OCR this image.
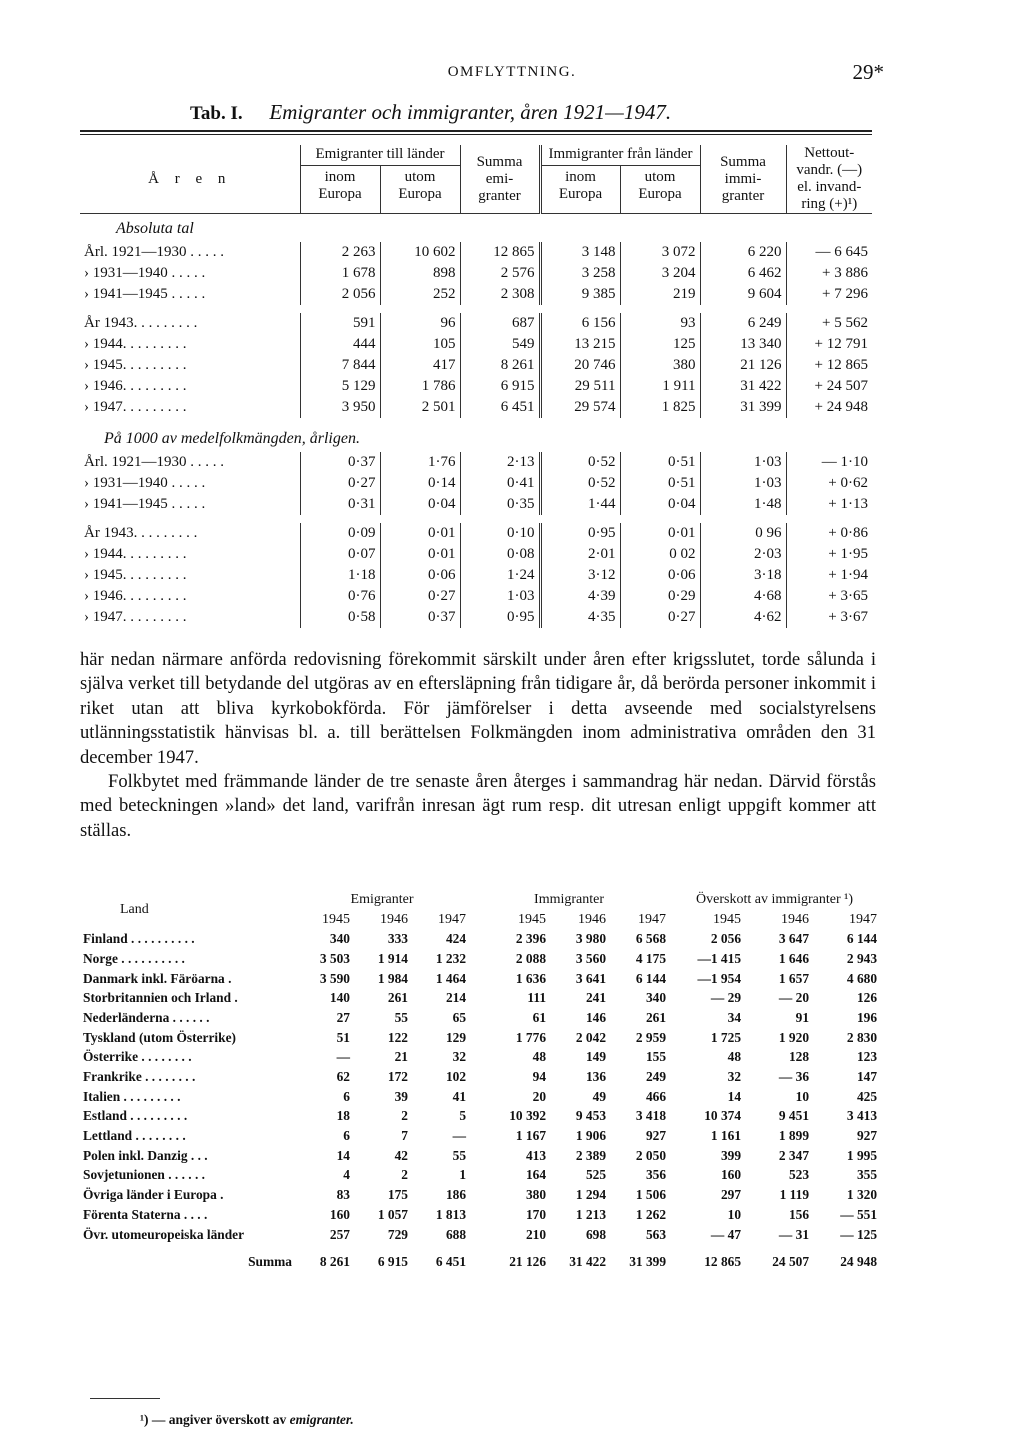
OMFLYTTNING.	29*
Tab. I. Emigranter och immigranter, åren 1921—1947.
Å r e n	Emigranter till länder		Summa emi- granter	Immigranter från länder		Summa immi- granter	Nettout- vandr. (—) el. invand- ring (+)¹)
	inom Europa	utom Europa		inom Europa	utom Europa		

Absoluta tal							
Årl. 1921—1930 . . . . .	2 263	10 602	12 865	3 148	3 072	6 220	— 6 645
› 1931—1940 . . . . .	1 678	898	2 576	3 258	3 204	6 462	+ 3 886
› 1941—1945 . . . . .	2 056	252	2 308	9 385	219	9 604	+ 7 296

År 1943. . . . . . . . .	591	96	687	6 156	93	6 249	+ 5 562
› 1944. . . . . . . . .	444	105	549	13 215	125	13 340	+ 12 791
› 1945. . . . . . . . .	7 844	417	8 261	20 746	380	21 126	+ 12 865
› 1946. . . . . . . . .	5 129	1 786	6 915	29 511	1 911	31 422	+ 24 507
› 1947. . . . . . . . .	3 950	2 501	6 451	29 574	1 825	31 399	+ 24 948

På 1000 av medelfolkmängden, årligen.							
Årl. 1921—1930 . . . . .	0·37	1·76	2·13	0·52	0·51	1·03	— 1·10
› 1931—1940 . . . . .	0·27	0·14	0·41	0·52	0·51	1·03	+ 0·62
› 1941—1945 . . . . .	0·31	0·04	0·35	1·44	0·04	1·48	+ 1·13

År 1943. . . . . . . . .	0·09	0·01	0·10	0·95	0·01	0 96	+ 0·86
› 1944. . . . . . . . .	0·07	0·01	0·08	2·01	0 02	2·03	+ 1·95
› 1945. . . . . . . . .	1·18	0·06	1·24	3·12	0·06	3·18	+ 1·94
› 1946. . . . . . . . .	0·76	0·27	1·03	4·39	0·29	4·68	+ 3·65
› 1947. . . . . . . . .	0·58	0·37	0·95	4·35	0·27	4·62	+ 3·67

här nedan närmare anförda redovisning förekommit särskilt under åren efter krigsslutet, torde sålunda i själva verket till betydande del utgöras av en eftersläpning från tidigare år, då berörda personer inkommit i riket utan att bliva kyrkobokförda. För jämförelser i detta avseende med socialstyrelsens utlänningsstatistik hänvisas bl. a. till berättelsen Folkmängden inom administrativa områden den 31 december 1947.

Folkbytet med främmande länder de tre senaste åren återges i sammandrag här nedan. Därvid förstås med beteckningen »land» det land, varifrån inresan ägt rum resp. dit utresan enligt uppgift kommer att ställas.

Land	Emigranter			Immigranter			Överskott av immigranter ¹)		
	1945	1946	1947	1945	1946	1947	1945	1946	1947
Finland . . . . . . . . . .	340	333	424	2 396	3 980	6 568	2 056	3 647	6 144
Norge . . . . . . . . . .	3 503	1 914	1 232	2 088	3 560	4 175	—1 415	1 646	2 943
Danmark inkl. Färöarna .	3 590	1 984	1 464	1 636	3 641	6 144	—1 954	1 657	4 680
Storbritannien och Irland .	140	261	214	111	241	340	— 29	— 20	126
Nederländerna . . . . . .	27	55	65	61	146	261	34	91	196
Tyskland (utom Österrike)	51	122	129	1 776	2 042	2 959	1 725	1 920	2 830
Österrike . . . . . . . .	—	21	32	48	149	155	48	128	123
Frankrike . . . . . . . .	62	172	102	94	136	249	32	— 36	147
Italien . . . . . . . . .	6	39	41	20	49	466	14	10	425
Estland . . . . . . . . .	18	2	5	10 392	9 453	3 418	10 374	9 451	3 413
Lettland . . . . . . . .	6	7	—	1 167	1 906	927	1 161	1 899	927
Polen inkl. Danzig . . .	14	42	55	413	2 389	2 050	399	2 347	1 995
Sovjetunionen . . . . . .	4	2	1	164	525	356	160	523	355
Övriga länder i Europa .	83	175	186	380	1 294	1 506	297	1 119	1 320
Förenta Staterna . . . .	160	1 057	1 813	170	1 213	1 262	10	156	— 551
Övr. utomeuropeiska länder	257	729	688	210	698	563	— 47	— 31	— 125
Summa	8 261	6 915	6 451	21 126	31 422	31 399	12 865	24 507	24 948
¹) — angiver överskott av emigranter.
